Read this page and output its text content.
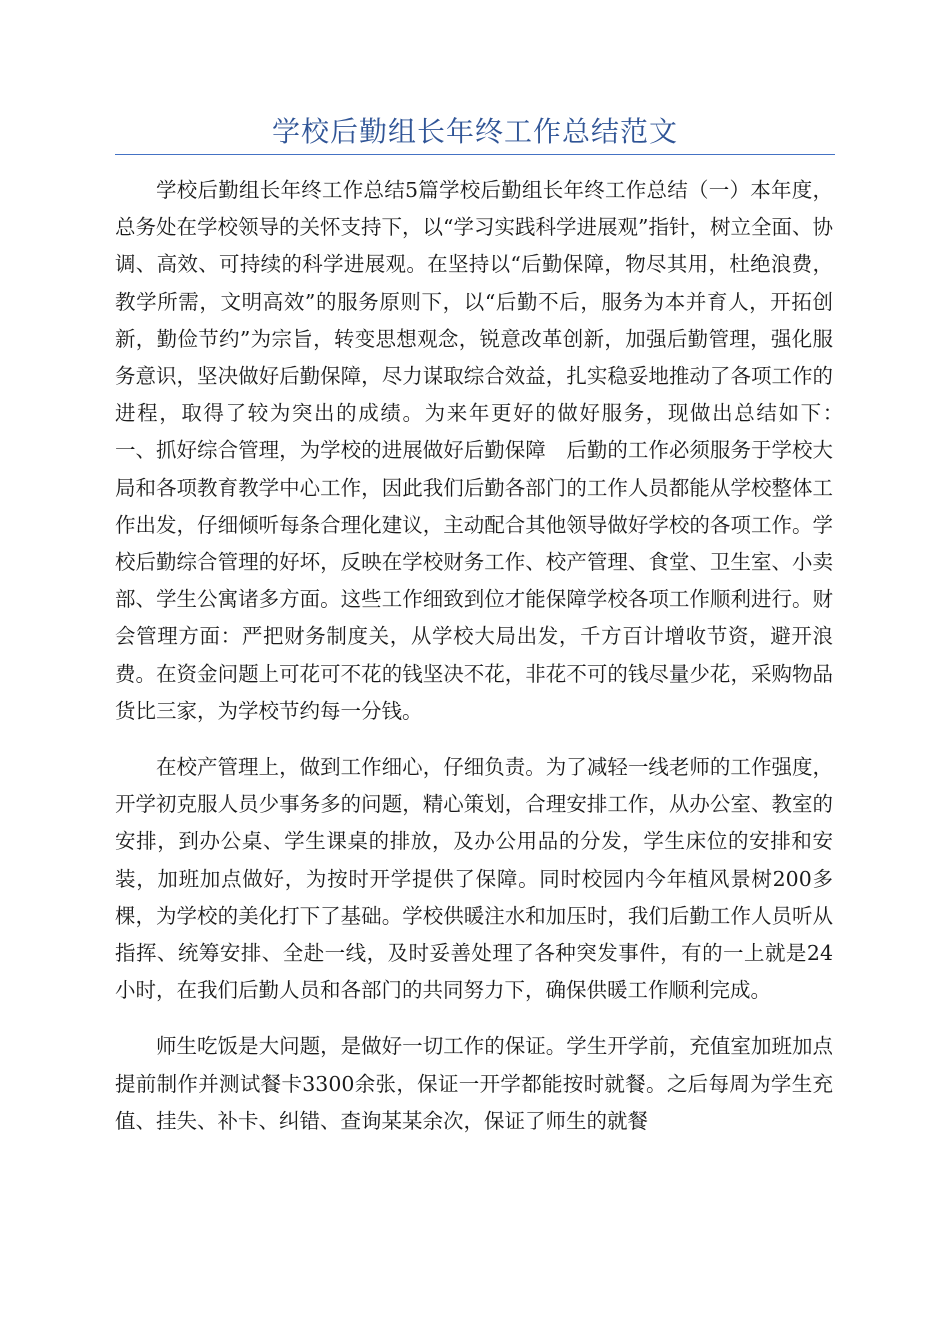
学校后勤组长年终工作总结范文

学校后勤组长年终工作总结5篇学校后勤组长年终工作总结（一）本年度，总务处在学校领导的关怀支持下，以“学习实践科学进展观”指针，树立全面、协调、高效、可持续的科学进展观。在坚持以“后勤保障，物尽其用，杜绝浪费，教学所需，文明高效”的服务原则下，以“后勤不后，服务为本并育人，开拓创新，勤俭节约”为宗旨，转变思想观念，锐意改革创新，加强后勤管理，强化服务意识，坚决做好后勤保障，尽力谋取综合效益，扎实稳妥地推动了各项工作的进程，取得了较为突出的成绩。为来年更好的做好服务，现做出总结如下：　　一、抓好综合管理，为学校的进展做好后勤保障　后勤的工作必须服务于学校大局和各项教育教学中心工作，因此我们后勤各部门的工作人员都能从学校整体工作出发，仔细倾听每条合理化建议，主动配合其他领导做好学校的各项工作。学校后勤综合管理的好坏，反映在学校财务工作、校产管理、食堂、卫生室、小卖部、学生公寓诸多方面。这些工作细致到位才能保障学校各项工作顺利进行。财会管理方面：严把财务制度关，从学校大局出发，千方百计增收节资，避开浪费。在资金问题上可花可不花的钱坚决不花，非花不可的钱尽量少花，采购物品货比三家，为学校节约每一分钱。

在校产管理上，做到工作细心，仔细负责。为了减轻一线老师的工作强度，开学初克服人员少事务多的问题，精心策划，合理安排工作，从办公室、教室的安排，到办公桌、学生课桌的排放，及办公用品的分发，学生床位的安排和安装，加班加点做好，为按时开学提供了保障。同时校园内今年植风景树200多棵，为学校的美化打下了基础。学校供暖注水和加压时，我们后勤工作人员听从指挥、统筹安排、全赴一线，及时妥善处理了各种突发事件，有的一上就是24小时，在我们后勤人员和各部门的共同努力下，确保供暖工作顺利完成。

师生吃饭是大问题，是做好一切工作的保证。学生开学前，充值室加班加点提前制作并测试餐卡3300余张，保证一开学都能按时就餐。之后每周为学生充值、挂失、补卡、纠错、查询某某余次，保证了师生的就餐
